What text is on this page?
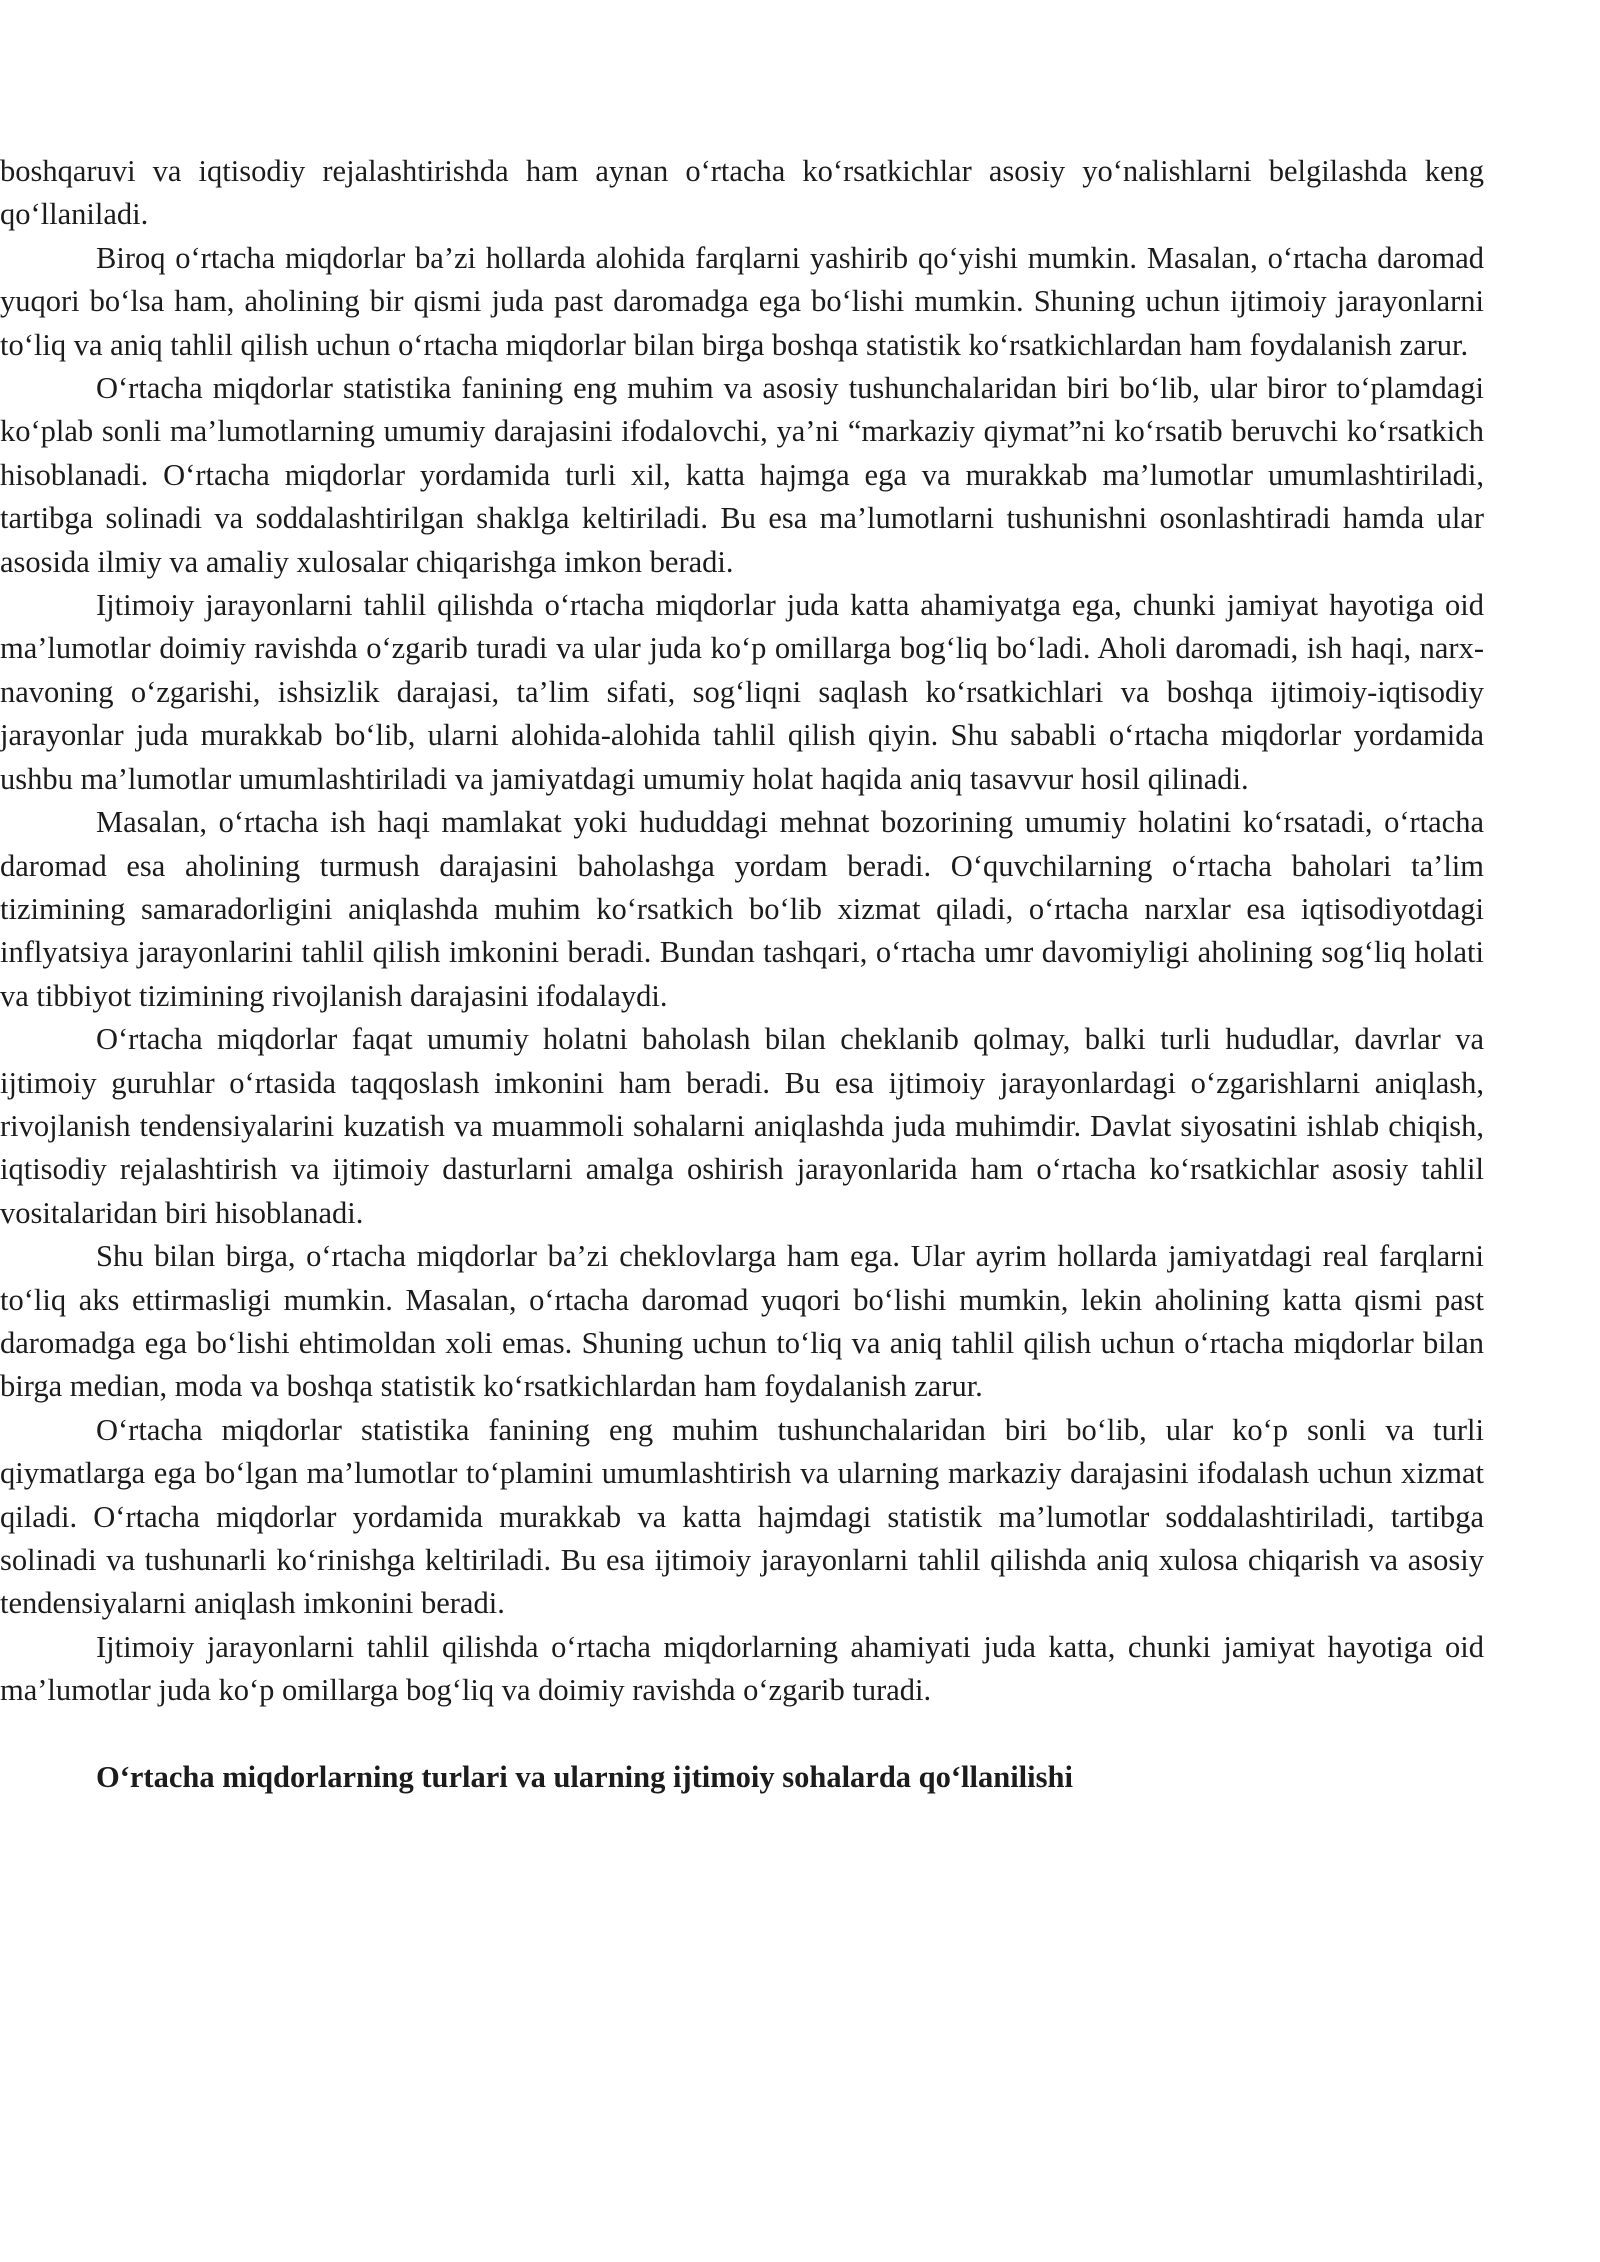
boshqaruvi va iqtisodiy rejalashtirishda ham aynan o‘rtacha ko‘rsatkichlar asosiy yo‘nalishlarni belgilashda keng qo‘llaniladi.

Biroq o‘rtacha miqdorlar ba’zi hollarda alohida farqlarni yashirib qo‘yishi mumkin. Masalan, o‘rtacha daromad yuqori bo‘lsa ham, aholining bir qismi juda past daromadga ega bo‘lishi mumkin. Shuning uchun ijtimoiy jarayonlarni to‘liq va aniq tahlil qilish uchun o‘rtacha miqdorlar bilan birga boshqa statistik ko‘rsatkichlardan ham foydalanish zarur.

O‘rtacha miqdorlar statistika fanining eng muhim va asosiy tushunchalaridan biri bo‘lib, ular biror to‘plamdagi ko‘plab sonli ma’lumotlarning umumiy darajasini ifodalovchi, ya’ni “markaziy qiymat”ni ko‘rsatib beruvchi ko‘rsatkich hisoblanadi. O‘rtacha miqdorlar yordamida turli xil, katta hajmga ega va murakkab ma’lumotlar umumlashtiriladi, tartibga solinadi va soddalashtirilgan shaklga keltiriladi. Bu esa ma’lumotlarni tushunishni osonlashtiradi hamda ular asosida ilmiy va amaliy xulosalar chiqarishga imkon beradi.

Ijtimoiy jarayonlarni tahlil qilishda o‘rtacha miqdorlar juda katta ahamiyatga ega, chunki jamiyat hayotiga oid ma’lumotlar doimiy ravishda o‘zgarib turadi va ular juda ko‘p omillarga bog‘liq bo‘ladi. Aholi daromadi, ish haqi, narx-navoning o‘zgarishi, ishsizlik darajasi, ta’lim sifati, sog‘liqni saqlash ko‘rsatkichlari va boshqa ijtimoiy-iqtisodiy jarayonlar juda murakkab bo‘lib, ularni alohida-alohida tahlil qilish qiyin. Shu sababli o‘rtacha miqdorlar yordamida ushbu ma’lumotlar umumlashtiriladi va jamiyatdagi umumiy holat haqida aniq tasavvur hosil qilinadi.

Masalan, o‘rtacha ish haqi mamlakat yoki hududdagi mehnat bozorining umumiy holatini ko‘rsatadi, o‘rtacha daromad esa aholining turmush darajasini baholashga yordam beradi. O‘quvchilarning o‘rtacha baholari ta’lim tizimining samaradorligini aniqlashda muhim ko‘rsatkich bo‘lib xizmat qiladi, o‘rtacha narxlar esa iqtisodiyotdagi inflyatsiya jarayonlarini tahlil qilish imkonini beradi. Bundan tashqari, o‘rtacha umr davomiyligi aholining sog‘liq holati va tibbiyot tizimining rivojlanish darajasini ifodalaydi.

O‘rtacha miqdorlar faqat umumiy holatni baholash bilan cheklanib qolmay, balki turli hududlar, davrlar va ijtimoiy guruhlar o‘rtasida taqqoslash imkonini ham beradi. Bu esa ijtimoiy jarayonlardagi o‘zgarishlarni aniqlash, rivojlanish tendensiyalarini kuzatish va muammoli sohalarni aniqlashda juda muhimdir. Davlat siyosatini ishlab chiqish, iqtisodiy rejalashtirish va ijtimoiy dasturlarni amalga oshirish jarayonlarida ham o‘rtacha ko‘rsatkichlar asosiy tahlil vositalaridan biri hisoblanadi.

Shu bilan birga, o‘rtacha miqdorlar ba’zi cheklovlarga ham ega. Ular ayrim hollarda jamiyatdagi real farqlarni to‘liq aks ettirmasligi mumkin. Masalan, o‘rtacha daromad yuqori bo‘lishi mumkin, lekin aholining katta qismi past daromadga ega bo‘lishi ehtimoldan xoli emas. Shuning uchun to‘liq va aniq tahlil qilish uchun o‘rtacha miqdorlar bilan birga median, moda va boshqa statistik ko‘rsatkichlardan ham foydalanish zarur.

O‘rtacha miqdorlar statistika fanining eng muhim tushunchalaridan biri bo‘lib, ular ko‘p sonli va turli qiymatlarga ega bo‘lgan ma’lumotlar to‘plamini umumlashtirish va ularning markaziy darajasini ifodalash uchun xizmat qiladi. O‘rtacha miqdorlar yordamida murakkab va katta hajmdagi statistik ma’lumotlar soddalashtiriladi, tartibga solinadi va tushunarli ko‘rinishga keltiriladi. Bu esa ijtimoiy jarayonlarni tahlil qilishda aniq xulosa chiqarish va asosiy tendensiyalarni aniqlash imkonini beradi.

Ijtimoiy jarayonlarni tahlil qilishda o‘rtacha miqdorlarning ahamiyati juda katta, chunki jamiyat hayotiga oid ma’lumotlar juda ko‘p omillarga bog‘liq va doimiy ravishda o‘zgarib turadi.

O‘rtacha miqdorlarning turlari va ularning ijtimoiy sohalarda qo‘llanilishi
